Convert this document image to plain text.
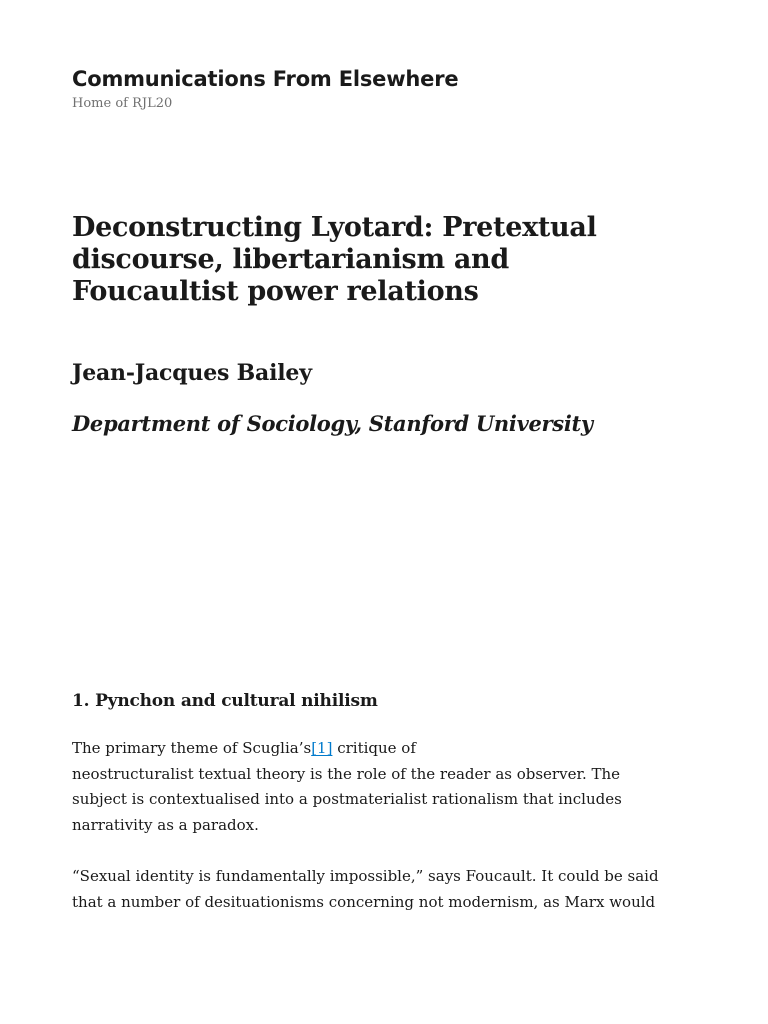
Communications From Elsewhere
Home of RJL20
Deconstructing Lyotard: Pretextual discourse, libertarianism and Foucaultist power relations
Jean-Jacques Bailey
Department of Sociology, Stanford University
1. Pynchon and cultural nihilism

The primary theme of Scuglia’s[1] critique of
neostructuralist textual theory is the role of the reader as observer. The subject is contextualised into a postmaterialist rationalism that includes narrativity as a paradox.

“Sexual identity is fundamentally impossible,” says Foucault. It could be said that a number of desituationisms concerning not modernism, as Marx would
